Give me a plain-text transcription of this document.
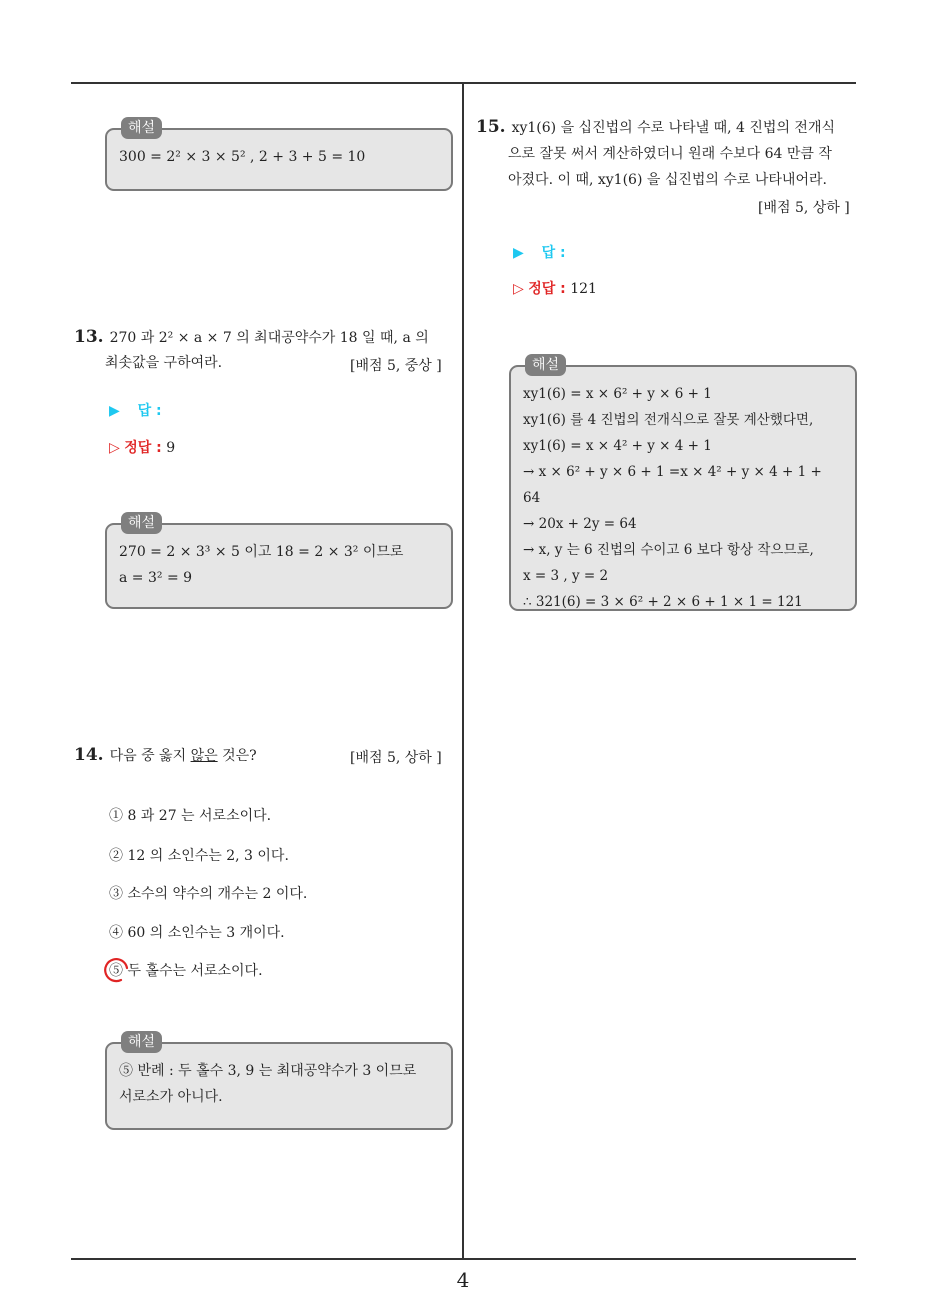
해설
300 = 2² × 3 × 5² , 2 + 3 + 5 = 10
13. 270 과 2² × a × 7 의 최대공약수가 18 일 때, a 의
최솟값을 구하여라.	[배점 5, 중상 ]
▶ 답 :
▷ 정답 : 9
해설
270 = 2 × 3³ × 5 이고 18 = 2 × 3² 이므로
a = 3² = 9
14. 다음 중 옳지 않은 것은?	[배점 5, 상하 ]
① 8 과 27 는 서로소이다.
② 12 의 소인수는 2, 3 이다.
③ 소수의 약수의 개수는 2 이다.
④ 60 의 소인수는 3 개이다.
⑤ 두 홀수는 서로소이다.
해설
⑤ 반례 : 두 홀수 3, 9 는 최대공약수가 3 이므로
서로소가 아니다.
15. xy1(6) 을 십진법의 수로 나타낼 때, 4 진법의 전개식
으로 잘못 써서 계산하였더니 원래 수보다 64 만큼 작
아졌다. 이 때, xy1(6) 을 십진법의 수로 나타내어라.
[배점 5, 상하 ]
▶ 답 :
▷ 정답 : 121
해설
xy1(6) = x × 6² + y × 6 + 1
xy1(6) 를 4 진법의 전개식으로 잘못 계산했다면,
xy1(6) = x × 4² + y × 4 + 1
→ x × 6² + y × 6 + 1 =x × 4² + y × 4 + 1 + 64
→ 20x + 2y = 64
→ x, y 는 6 진법의 수이고 6 보다 항상 작으므로,
x = 3 , y = 2
∴ 321(6) = 3 × 6² + 2 × 6 + 1 × 1 = 121
4
